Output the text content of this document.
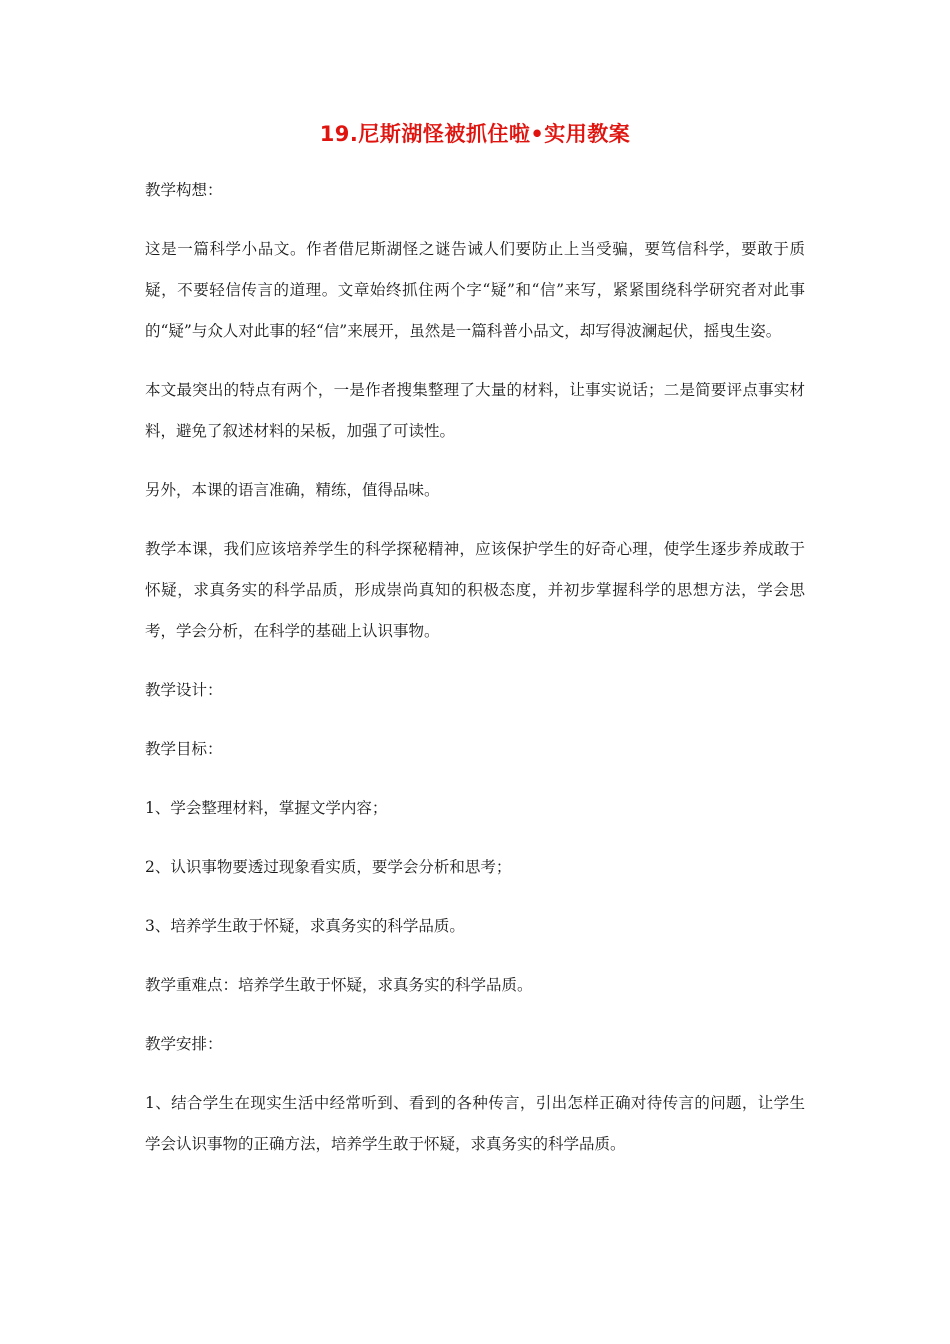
19.尼斯湖怪被抓住啦•实用教案

教学构想：

这是一篇科学小品文。作者借尼斯湖怪之谜告诫人们要防止上当受骗，要笃信科学，要敢于质疑，不要轻信传言的道理。文章始终抓住两个字“疑”和“信”来写，紧紧围绕科学研究者对此事的“疑”与众人对此事的轻“信”来展开，虽然是一篇科普小品文，却写得波澜起伏，摇曳生姿。

本文最突出的特点有两个，一是作者搜集整理了大量的材料，让事实说话；二是简要评点事实材料，避免了叙述材料的呆板，加强了可读性。

另外，本课的语言准确，精练，值得品味。

教学本课，我们应该培养学生的科学探秘精神，应该保护学生的好奇心理，使学生逐步养成敢于怀疑，求真务实的科学品质，形成崇尚真知的积极态度，并初步掌握科学的思想方法，学会思考，学会分析，在科学的基础上认识事物。

教学设计：

教学目标：

1、学会整理材料，掌握文学内容；

2、认识事物要透过现象看实质，要学会分析和思考；

3、培养学生敢于怀疑，求真务实的科学品质。

教学重难点：培养学生敢于怀疑，求真务实的科学品质。

教学安排：

1、结合学生在现实生活中经常听到、看到的各种传言，引出怎样正确对待传言的问题，让学生学会认识事物的正确方法，培养学生敢于怀疑，求真务实的科学品质。
